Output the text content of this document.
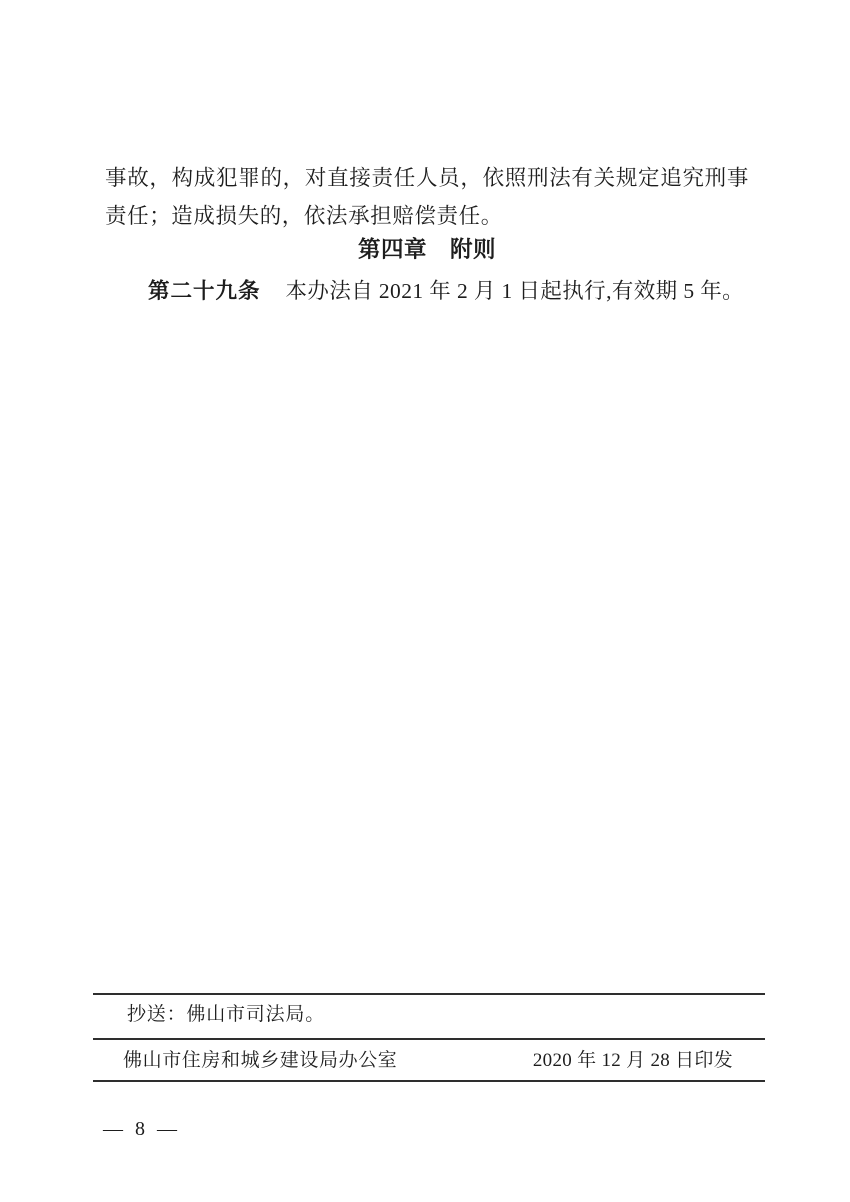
事故，构成犯罪的，对直接责任人员，依照刑法有关规定追究刑事
责任；造成损失的，依法承担赔偿责任。
第四章　附则
第二十九条 本办法自 2021 年 2 月 1 日起执行,有效期 5 年。
抄送：佛山市司法局。
佛山市住房和城乡建设局办公室	2020 年 12 月 28 日印发
— 8 —
